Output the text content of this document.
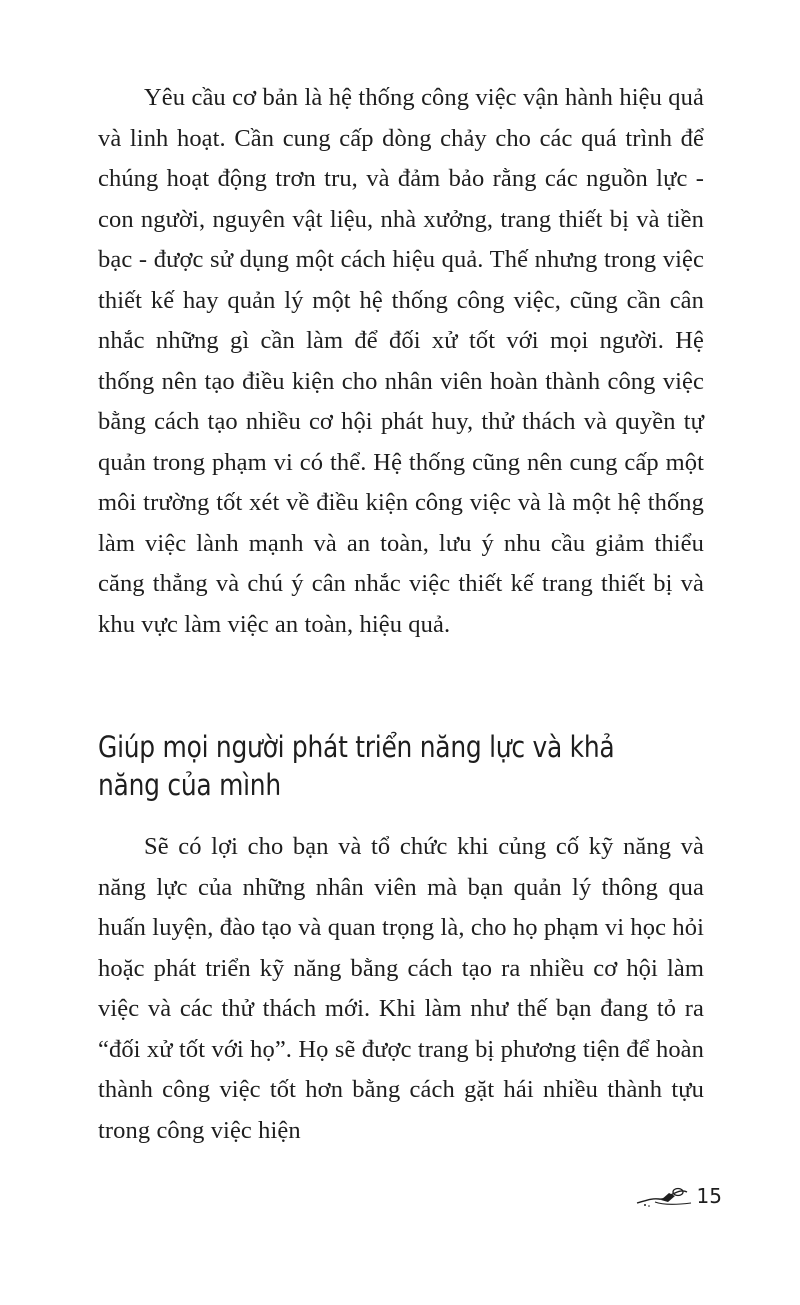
Yêu cầu cơ bản là hệ thống công việc vận hành hiệu quả và linh hoạt. Cần cung cấp dòng chảy cho các quá trình để chúng hoạt động trơn tru, và đảm bảo rằng các nguồn lực - con người, nguyên vật liệu, nhà xưởng, trang thiết bị và tiền bạc - được sử dụng một cách hiệu quả. Thế nhưng trong việc thiết kế hay quản lý một hệ thống công việc, cũng cần cân nhắc những gì cần làm để đối xử tốt với mọi người. Hệ thống nên tạo điều kiện cho nhân viên hoàn thành công việc bằng cách tạo nhiều cơ hội phát huy, thử thách và quyền tự quản trong phạm vi có thể. Hệ thống cũng nên cung cấp một môi trường tốt xét về điều kiện công việc và là một hệ thống làm việc lành mạnh và an toàn, lưu ý nhu cầu giảm thiểu căng thẳng và chú ý cân nhắc việc thiết kế trang thiết bị và khu vực làm việc an toàn, hiệu quả.

Giúp mọi người phát triển năng lực và khả năng của mình

Sẽ có lợi cho bạn và tổ chức khi củng cố kỹ năng và năng lực của những nhân viên mà bạn quản lý thông qua huấn luyện, đào tạo và quan trọng là, cho họ phạm vi học hỏi hoặc phát triển kỹ năng bằng cách tạo ra nhiều cơ hội làm việc và các thử thách mới. Khi làm như thế bạn đang tỏ ra “đối xử tốt với họ”. Họ sẽ được trang bị phương tiện để hoàn thành công việc tốt hơn bằng cách gặt hái nhiều thành tựu trong công việc hiện

15
